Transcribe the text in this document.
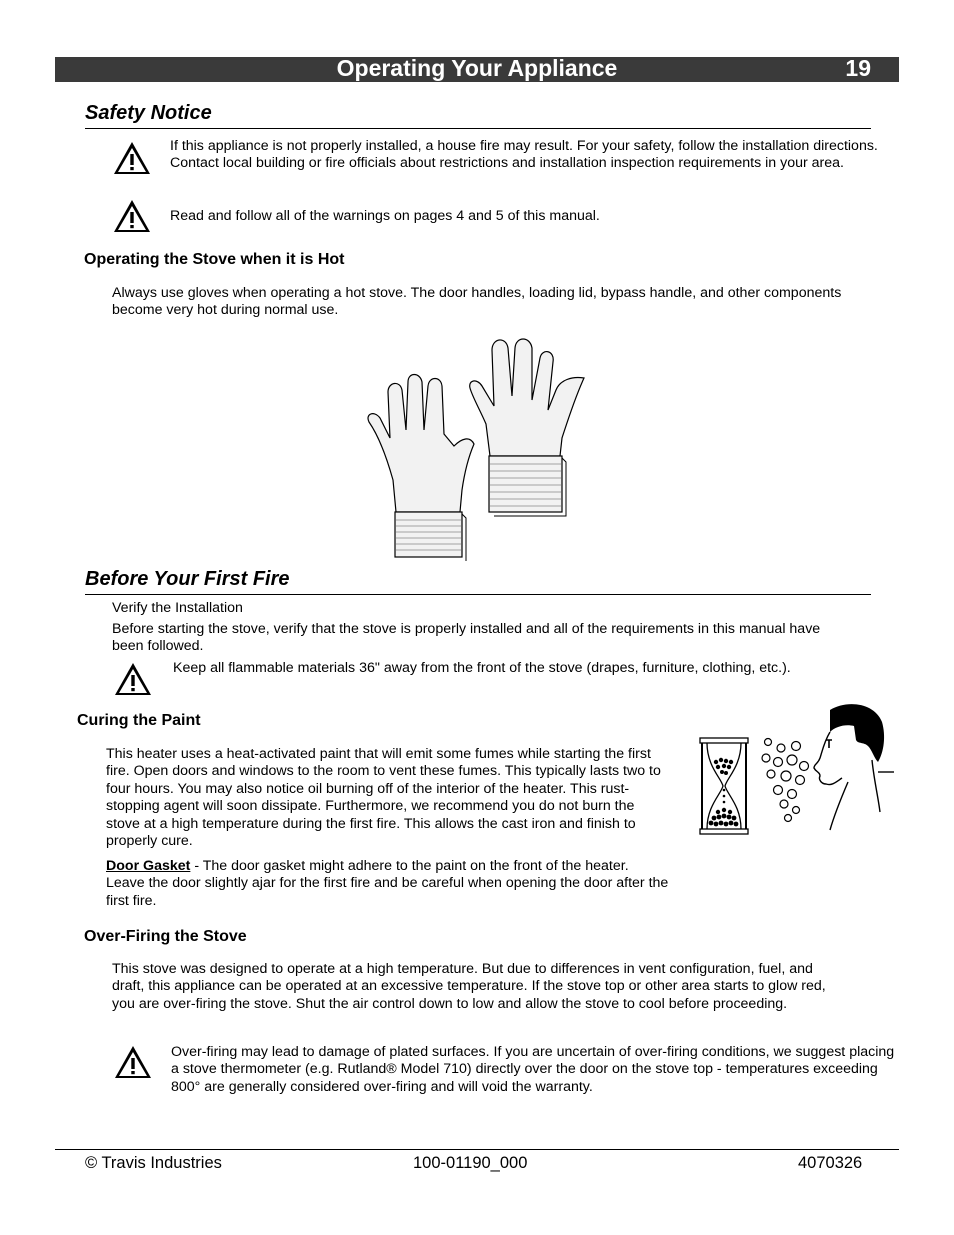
Operating Your Appliance	19
Safety Notice

If this appliance is not properly installed, a house fire may result. For your safety, follow the installation directions. Contact local building or fire officials about restrictions and installation inspection requirements in your area.

Read and follow all of the warnings on pages 4 and 5 of this manual.

Operating the Stove when it is Hot

Always use gloves when operating a hot stove. The door handles, loading lid, bypass handle, and other components become very hot during normal use.

Before Your First Fire

Verify the Installation

Before starting the stove, verify that the stove is properly installed and all of the requirements in this manual have been followed.

Keep all flammable materials 36" away from the front of the stove (drapes, furniture, clothing, etc.).

Curing the Paint

This heater uses a heat-activated paint that will emit some fumes while starting the first fire. Open doors and windows to the room to vent these fumes. This typically lasts two to four hours. You may also notice oil burning off of the interior of the heater. This rust-stopping agent will soon dissipate. Furthermore, we recommend you do not burn the stove at a high temperature during the first fire. This allows the cast iron and finish to properly cure.

Door Gasket - The door gasket might adhere to the paint on the front of the heater. Leave the door slightly ajar for the first fire and be careful when opening the door after the first fire.

Over-Firing the Stove

This stove was designed to operate at a high temperature. But due to differences in vent configuration, fuel, and draft, this appliance can be operated at an excessive temperature. If the stove top or other area starts to glow red, you are over-firing the stove. Shut the air control down to low and allow the stove to cool before proceeding.

Over-firing may lead to damage of plated surfaces. If you are uncertain of over-firing conditions, we suggest placing a stove thermometer (e.g. Rutland® Model 710) directly over the door on the stove top - temperatures exceeding 800° are generally considered over-firing and will void the warranty.

© Travis Industries	100-01190_000	4070326
